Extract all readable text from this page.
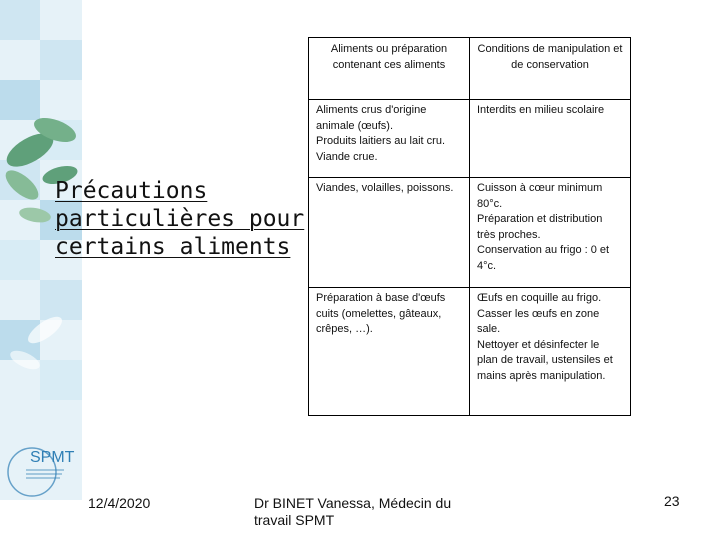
SPMT
Précautions
particulières pour
certains aliments
Aliments ou préparation contenant ces aliments	Conditions de manipulation et de conservation

Aliments crus d'origine animale (œufs).
Produits laitiers au lait cru.
Viande crue.	Interdits en milieu scolaire

Viandes, volailles, poissons.	Cuisson à cœur minimum 80°c.
Préparation et distribution très proches.
Conservation au frigo : 0 et 4°c.

Préparation à base d'œufs cuits (omelettes, gâteaux, crêpes, …).	Œufs en coquille au frigo.
Casser les œufs en zone sale.
Nettoyer et désinfecter le plan de travail, ustensiles et mains après manipulation.
12/4/2020	Dr BINET Vanessa, Médecin du travail SPMT
23
